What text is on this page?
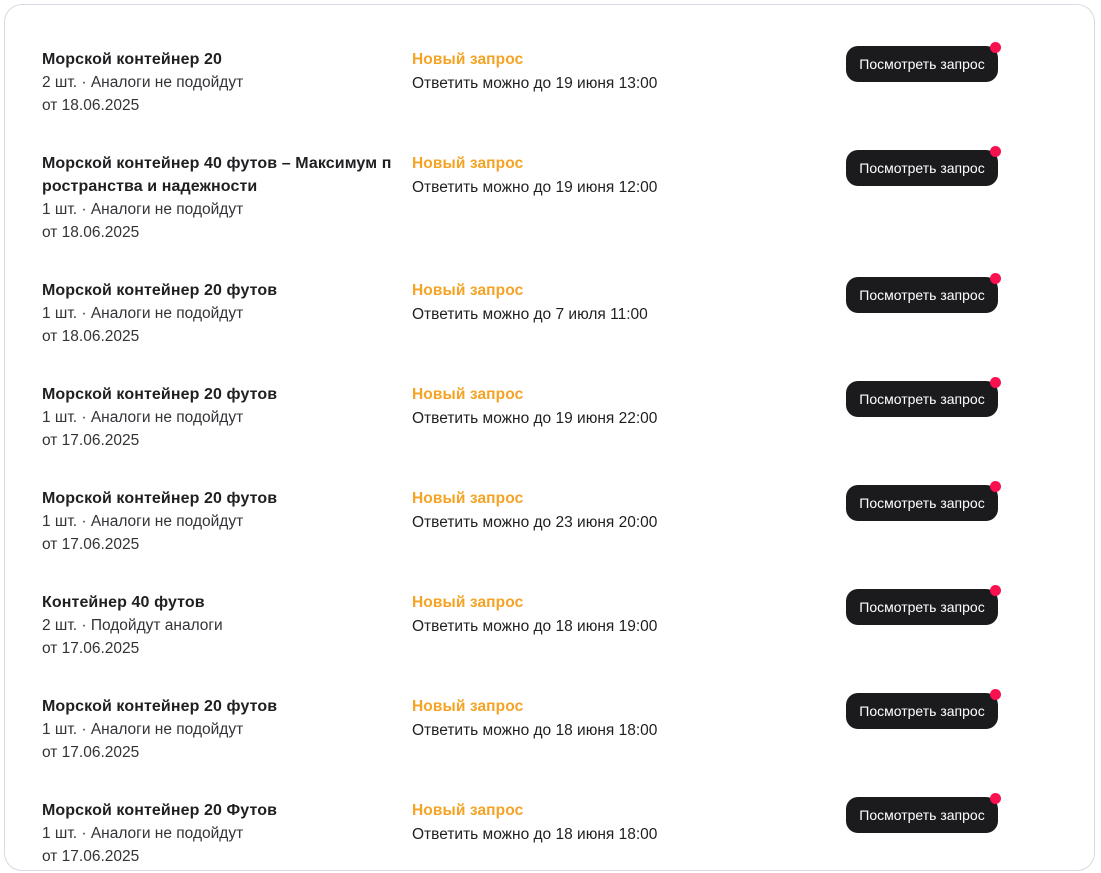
Морской контейнер 20
2 шт. · Аналоги не подойдут
от 18.06.2025
Новый запрос
Ответить можно до 19 июня 13:00
Посмотреть запрос
Морской контейнер 40 футов – Максимум пространства и надежности
1 шт. · Аналоги не подойдут
от 18.06.2025
Новый запрос
Ответить можно до 19 июня 12:00
Посмотреть запрос
Морской контейнер 20 футов
1 шт. · Аналоги не подойдут
от 18.06.2025
Новый запрос
Ответить можно до 7 июля 11:00
Посмотреть запрос
Морской контейнер 20 футов
1 шт. · Аналоги не подойдут
от 17.06.2025
Новый запрос
Ответить можно до 19 июня 22:00
Посмотреть запрос
Морской контейнер 20 футов
1 шт. · Аналоги не подойдут
от 17.06.2025
Новый запрос
Ответить можно до 23 июня 20:00
Посмотреть запрос
Контейнер 40 футов
2 шт. · Подойдут аналоги
от 17.06.2025
Новый запрос
Ответить можно до 18 июня 19:00
Посмотреть запрос
Морской контейнер 20 футов
1 шт. · Аналоги не подойдут
от 17.06.2025
Новый запрос
Ответить можно до 18 июня 18:00
Посмотреть запрос
Морской контейнер 20 Футов
1 шт. · Аналоги не подойдут
от 17.06.2025
Новый запрос
Ответить можно до 18 июня 18:00
Посмотреть запрос
